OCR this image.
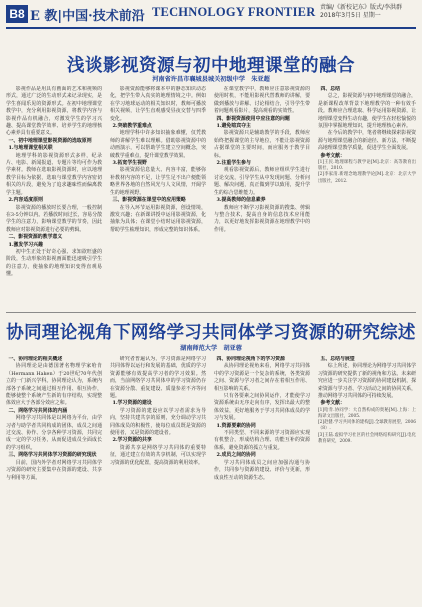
B8 E 教|中国·技术前沿 TECHNOLOGY FRONTIER 责编/《新校记东》版式/李洪群
2018年3月5日 星期一
浅谈影视资源与初中地理课堂的融合
河南省许昌市襄城县城关初级中学　朱亚超

影视作品是用具有画面的艺术和视频的形式，通过广泛的生动形式来记录现实，是学生喜闻乐见的资源形式。在初中地理课堂教学中，充分利用影视资源，将教学内容与影视作品有机融合，对激发学生的学习兴趣、提高课堂教学效率、培养学生的地理核心素养具有重要意义。

一、初中地理课堂影视资源的选取原则

1.与地理课堂相关联

地理学科的影视资源形式多样，纪录片、电影、新闻报道、专题片等均可作为教学素材。教师在选取影视资源时，应以地理教学目标为依据，选取与课堂教学内容密切相关的片段，避免为了追求趣味性而偏离教学主题。

2.内容适度原则

影视资源的播放时长要合理，一般控制在3-5分钟以内。若播放时间过长，容易分散学生的注意力，影响课堂教学的节奏，因此教师应对影视资源进行必要的剪辑。

二、影视资源的教学意义

1.激发学习兴趣

初中生正处于好奇心强、求知欲旺盛的阶段，生动形象的影视画面能迅速吸引学生的注意力，使抽象的地理知识变得直观易懂。

影视资源能够将课本中的静态知识动态化，把学生带入真实的地理情境之中。例如在学习地球运动的相关知识时，教师可播放相关视频，让学生直观感受昼夜交替与四季变化。

2.突破教学重难点

地理学科中许多知识抽象难懂，仅凭教师的讲解学生难以理解。借助影视资源中的动画演示，可以帮助学生建立空间概念，突破教学重难点，提升课堂教学效果。

3.拓宽学生视野

影视资源信息量大、内容丰富，能够弥补教材内容的不足，让学生足不出户便能领略世界各地的自然风光与人文风情，开阔学生的地理视野。

三、影视资源在课堂中的应用策略

在导入环节运用影视资源，创设情境，激发兴趣；在新课讲授中运用影视资源，化抽象为具体；在课堂小结时运用影视资源，帮助学生梳理知识，形成完整的知识体系。

在课堂教学中，教师应注意影视资源的使用时机，不能用影视代替教师的讲解，要做到播放与讲解、讨论相结合，引导学生带着问题观看影片，提高观看的实效性。

四、影视资源使用中应注意的问题

1.避免喧宾夺主

影视资源只是辅助教学的手段，教师应始终把握课堂的主导地位，不能让影视资源占据课堂的主要时间，而应服务于教学目标。

2.注重学生参与

观看影视资源后，教师应组织学生进行讨论交流，引导学生从中发现问题、分析问题、解决问题，真正做到学以致用，提升学生的综合思维能力。

3.提高教师的信息素养

教师应不断学习影视资源的搜集、剪辑与整合技术，提高自身的信息技术应用能力，以更好地发挥影视资源在地理教学中的作用。

四、总结

总之，影视资源与初中地理课堂的融合，是新课程改革背景下地理教学的一种有效手段。教师应合理选取、科学运用影视资源，让地理课堂变得生动有趣，使学生在轻松愉悦的氛围中掌握地理知识，提升地理核心素养。

在今后的教学中，笔者将继续探索影视资源与地理课堂融合的新途径、新方法，不断提高地理课堂教学质量，促进学生全面发展。

参考文献：

[1]王民.地理课程与教学论[M].北京：高等教育出版社，2010.

[2]李家清.新理念地理教学论[M].北京：北京大学出版社，2012.

协同理论视角下网络学习共同体学习资源的研究综述
湖南师范大学　胡亚蓉

一、协同理论的相关概述

协同理论是由德国著名物理学家哈肯（Hermann Haken）于20世纪70年代创立的一门新兴学科。协同理论认为，系统内部各子系统之间通过相互作用、相互协作，能够使整个系统产生新的有序结构，实现整体效应大于各部分效应之和。

二、网络学习共同体的内涵

网络学习共同体是以网络为平台，由学习者与助学者共同构成的团体，成员之间通过交流、协作、分享各种学习资源，共同完成一定的学习任务，从而促进成员全面成长的学习组织。

三、网络学习共同体学习资源的研究现状

目前，国内外学者对网络学习共同体学习资源的研究主要集中在资源的建设、共享与利用等方面。

研究者普遍认为，学习资源是网络学习共同体得以运行和发展的基础，优质的学习资源能够有效提高学习者的学习效果。然而，当前网络学习共同体中的学习资源仍存在资源分散、重复建设、质量参差不齐等问题。

1.学习资源的建设

学习资源的建设应以学习者需求为导向，坚持共建共享的原则，充分调动学习共同体成员的积极性，使每位成员既是资源的使用者，又是资源的建设者。

2.学习资源的共享

资源共享是网络学习共同体的重要特征，通过建立有效的共享机制，可以实现学习资源的优化配置，提高资源的利用效率。

四、协同理论视角下的学习资源

从协同理论视角来看，网络学习共同体中的学习资源是一个复杂的系统，各类资源之间、资源与学习者之间存在着相互作用、相互影响的关系。

只有各要素之间协同运作，才能使学习资源系统由无序走向有序，发挥出最大的整体效益，更好地服务于学习共同体成员的学习与发展。

1.资源要素的协同

不同类型、不同来源的学习资源应实现有机整合，形成结构合理、功能互补的资源体系，避免资源的孤立与重复。

2.成员之间的协同

学习共同体成员之间应加强沟通与协作，共同参与资源的建设、评价与更新，形成良性互动的资源生态。

五、总结与展望

综上所述，协同理论为网络学习共同体学习资源的研究提供了新的视角和方法。未来研究应进一步关注学习资源的协同建设机制，探索资源与学习者、学习活动之间的协同关系，推动网络学习共同体的可持续发展。

参考文献：

[1]哈肯.协同学：大自然构成的奥秘[M].上海：上海译文出版社，2005.

[2]赵健.学习共同体的建构[J].全球教育展望，2006（8）.

[3]王陆.虚拟学习社区的社会网络结构研究[J].电化教育研究，2009.
